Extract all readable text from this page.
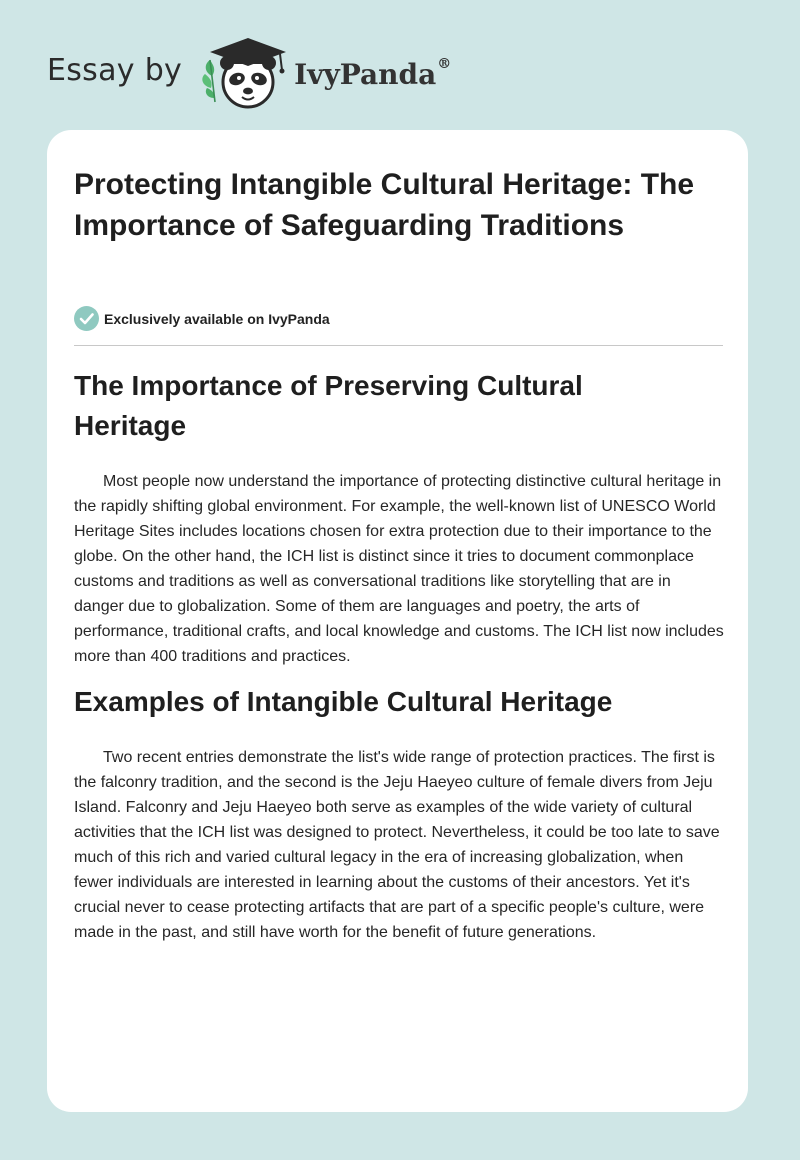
Essay by	IvyPanda®
Protecting Intangible Cultural Heritage: The Importance of Safeguarding Traditions
Exclusively available on IvyPanda
The Importance of Preserving Cultural Heritage

Most people now understand the importance of protecting distinctive cultural heritage in the rapidly shifting global environment. For example, the well-known list of UNESCO World Heritage Sites includes locations chosen for extra protection due to their importance to the globe. On the other hand, the ICH list is distinct since it tries to document commonplace customs and traditions as well as conversational traditions like storytelling that are in danger due to globalization. Some of them are languages and poetry, the arts of performance, traditional crafts, and local knowledge and customs. The ICH list now includes more than 400 traditions and practices.

Examples of Intangible Cultural Heritage

Two recent entries demonstrate the list's wide range of protection practices. The first is the falconry tradition, and the second is the Jeju Haeyeo culture of female divers from Jeju Island. Falconry and Jeju Haeyeo both serve as examples of the wide variety of cultural activities that the ICH list was designed to protect. Nevertheless, it could be too late to save much of this rich and varied cultural legacy in the era of increasing globalization, when fewer individuals are interested in learning about the customs of their ancestors. Yet it's crucial never to cease protecting artifacts that are part of a specific people's culture, were made in the past, and still have worth for the benefit of future generations.
